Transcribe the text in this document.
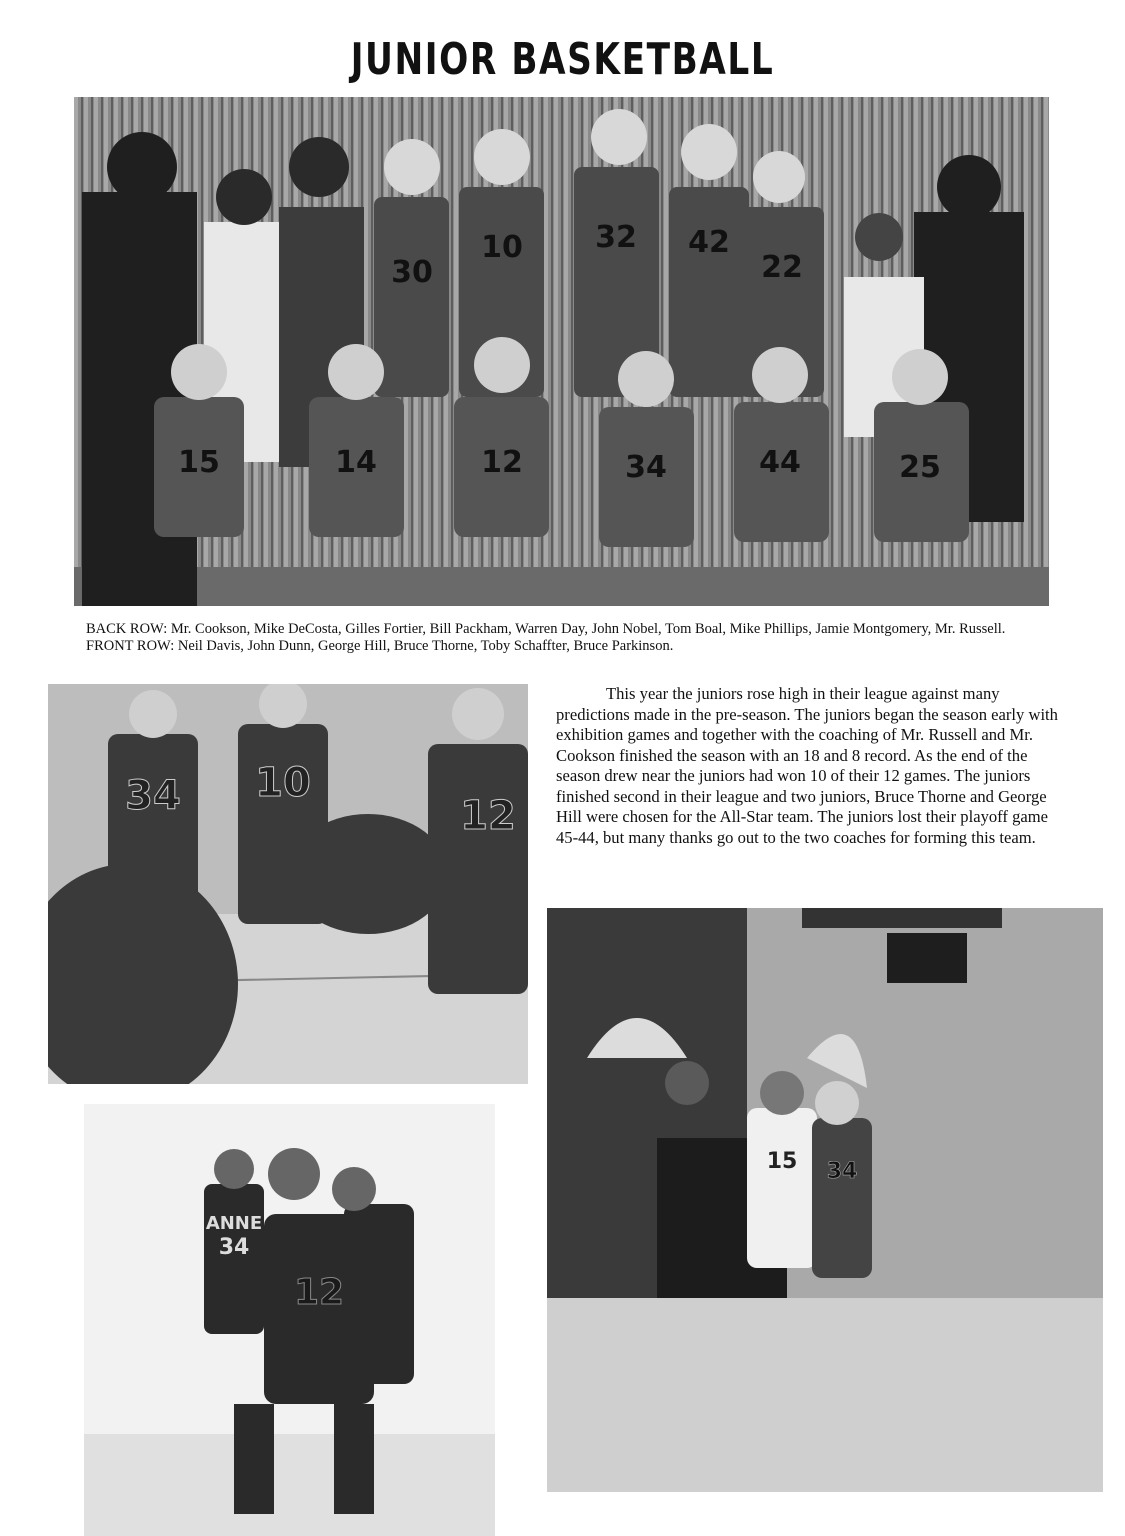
JUNIOR BASKETBALL
30
10 32 42
22
15	14	12	34	44	25
BACK ROW: Mr. Cookson, Mike DeCosta, Gilles Fortier, Bill Packham, Warren Day, John Nobel, Tom Boal, Mike Phillips, Jamie Montgomery, Mr. Russell. FRONT ROW: Neil Davis, John Dunn, George Hill, Bruce Thorne, Toby Schaffter, Bruce Parkinson.
34 10
12

This year the juniors rose high in their league against many predictions made in the pre-season. The juniors began the season early with exhibition games and together with the coaching of Mr. Russell and Mr. Cookson finished the season with an 18 and 8 record. As the end of the season drew near the juniors had won 10 of their 12 games. The juniors finished second in their league and two juniors, Bruce Thorne and George Hill were chosen for the All-Star team. The juniors lost their playoff game 45-44, but many thanks go out to the two coaches for forming this team.

15 34
ANNE
34
12
